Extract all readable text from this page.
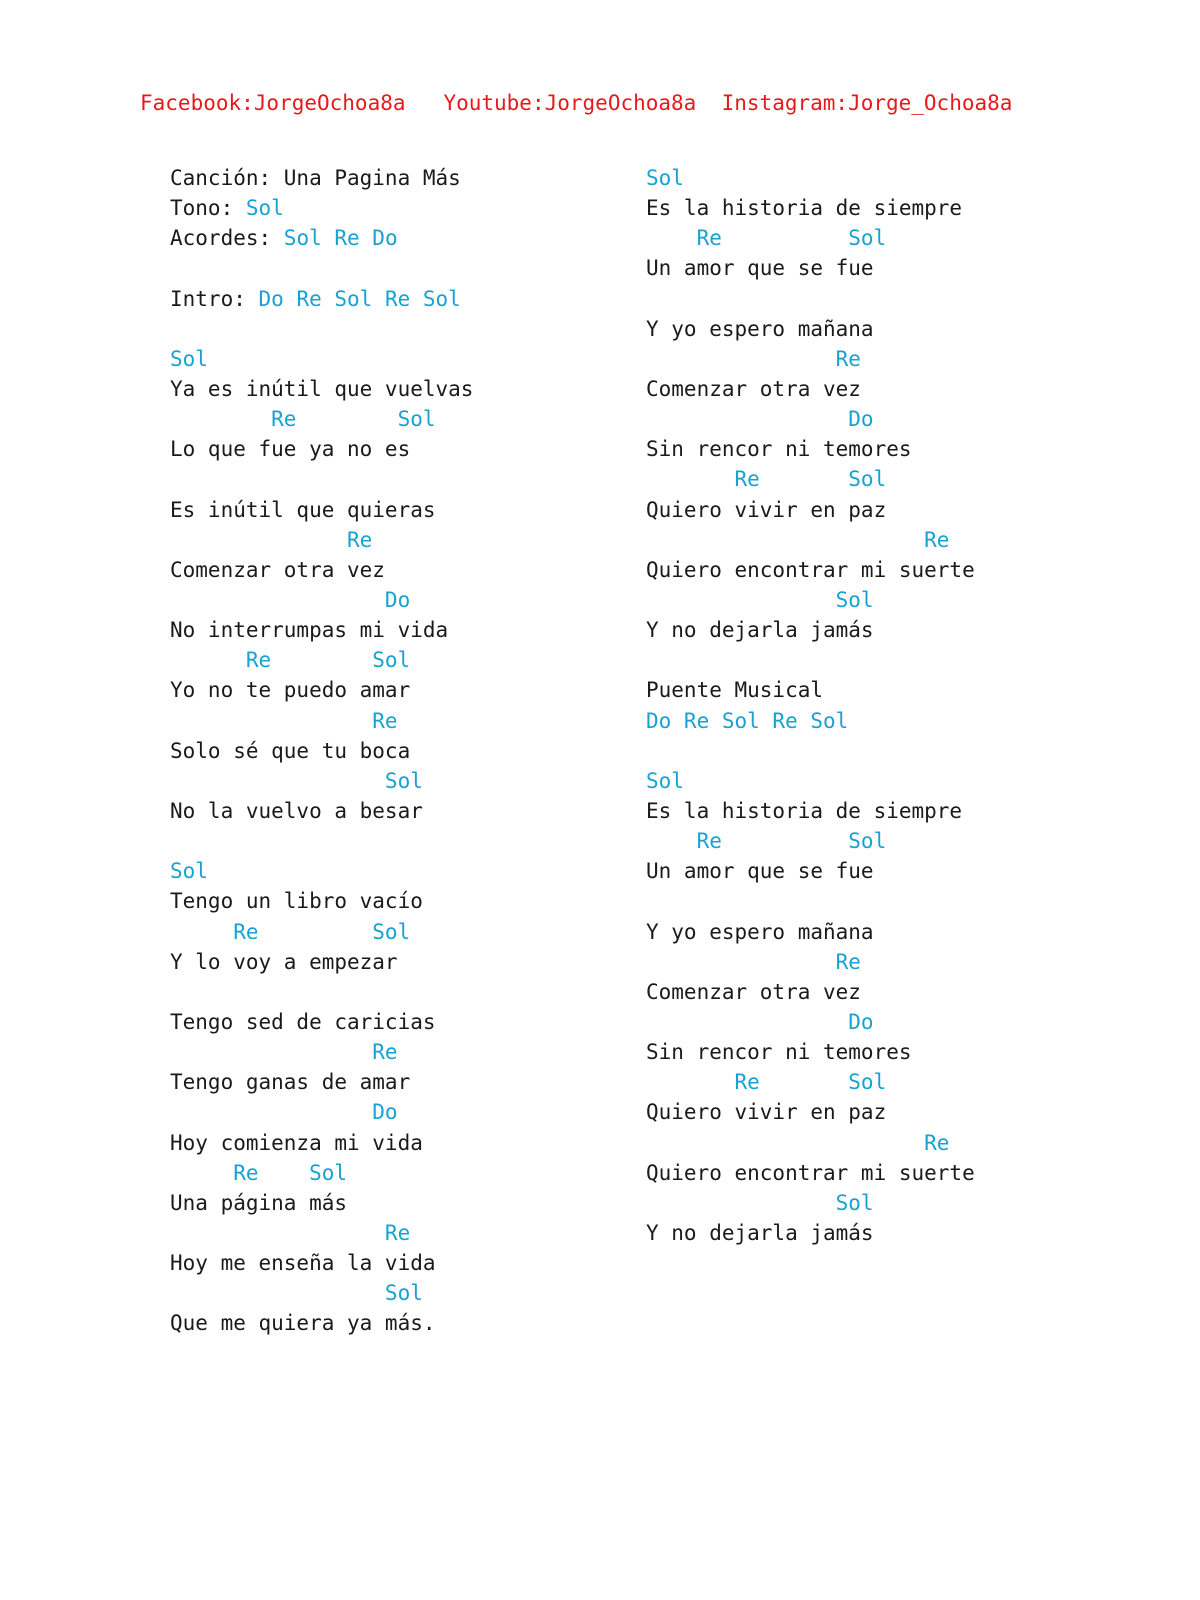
Facebook:JorgeOchoa8a Youtube:JorgeOchoa8a Instagram:Jorge_Ochoa8a
Canción: Una Pagina Más
Tono: Sol
Acordes: Sol Re Do
Intro: Do Re Sol Re Sol
Sol
Ya es inútil que vuelvas
Re        Sol
Lo que fue ya no es
Es inútil que quieras
Re
Comenzar otra vez
Do
No interrumpas mi vida
Re        Sol
Yo no te puedo amar
Re
Solo sé que tu boca
Sol
No la vuelvo a besar
Sol
Tengo un libro vacío
Re         Sol
Y lo voy a empezar
Tengo sed de caricias
Re
Tengo ganas de amar
Do
Hoy comienza mi vida
Re    Sol
Una página más
Re
Hoy me enseña la vida
Sol
Que me quiera ya más.
Sol
Es la historia de siempre
Re          Sol
Un amor que se fue
Y yo espero mañana
Re
Comenzar otra vez
Do
Sin rencor ni temores
Re       Sol
Quiero vivir en paz
Re
Quiero encontrar mi suerte
Sol
Y no dejarla jamás
Puente Musical
Do Re Sol Re Sol
Sol
Es la historia de siempre
Re          Sol
Un amor que se fue
Y yo espero mañana
Re
Comenzar otra vez
Do
Sin rencor ni temores
Re       Sol
Quiero vivir en paz
Re
Quiero encontrar mi suerte
Sol
Y no dejarla jamás
